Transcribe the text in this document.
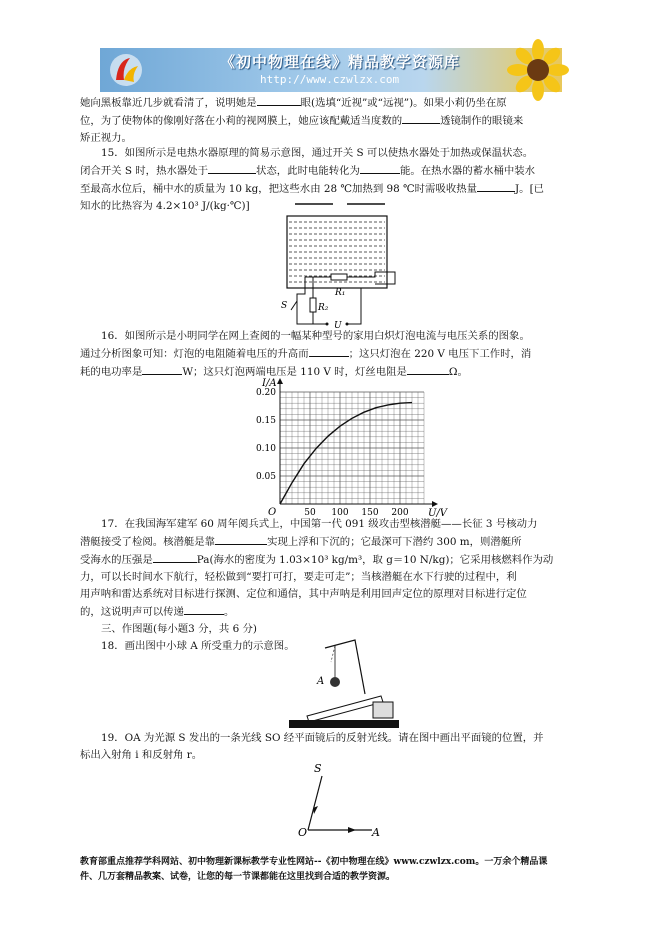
《初中物理在线》精品教学资源库
http://www.czwlzx.com
她向黑板靠近几步就看清了，说明她是	眼(选填“近视”或“远视”)。如果小莉仍坐在原
位，为了使物体的像刚好落在小莉的视网膜上，她应该配戴适当度数的	透镜制作的眼镜来
矫正视力。
15．如图所示是电热水器原理的简易示意图，通过开关 S 可以使热水器处于加热或保温状态。
闭合开关 S 时，热水器处于	状态，此时电能转化为	能。在热水器的蓄水桶中装水
至最高水位后，桶中水的质量为 10 kg，把这些水由 28 ℃加热到 98 ℃时需吸收热量	J。[已
知水的比热容为 4.2×10³ J/(kg·℃)]
S	R₂
R₁
U
16．如图所示是小明同学在网上查阅的一幅某种型号的家用白炽灯泡电流与电压关系的图象。
通过分析图象可知：灯泡的电阻随着电压的升高而	；这只灯泡在 220 V 电压下工作时，消
耗的电功率是	W；这只灯泡两端电压是 110 V 时，灯丝电阻是	Ω。
50 100 150 200
0.05
0.10
0.15
0.20
I/A
U/V
O
17．在我国海军建军 60 周年阅兵式上，中国第一代 091 级攻击型核潜艇——长征 3 号核动力
潜艇接受了检阅。核潜艇是靠	实现上浮和下沉的；它最深可下潜约 300 m，则潜艇所
受海水的压强是	Pa(海水的密度为 1.03×10³ kg/m³，取 g＝10 N/kg)；它采用核燃料作为动
力，可以长时间水下航行，轻松做到“要打可打，要走可走”；当核潜艇在水下行驶的过程中，利
用声呐和雷达系统对目标进行探测、定位和通信，其中声呐是利用回声定位的原理对目标进行定位
的，这说明声可以传递	。
三、作图题(每小题3 分，共 6 分)
18．画出图中小球 A 所受重力的示意图。
A
19．OA 为光源 S 发出的一条光线 SO 经平面镜后的反射光线。请在图中画出平面镜的位置，并
标出入射角 i 和反射角 r。
S
O	A
教育部重点推荐学科网站、初中物理新课标教学专业性网站--《初中物理在线》www.czwlzx.com。一万余个精品课
件、几万套精品教案、试卷，让您的每一节课都能在这里找到合适的教学资源。
